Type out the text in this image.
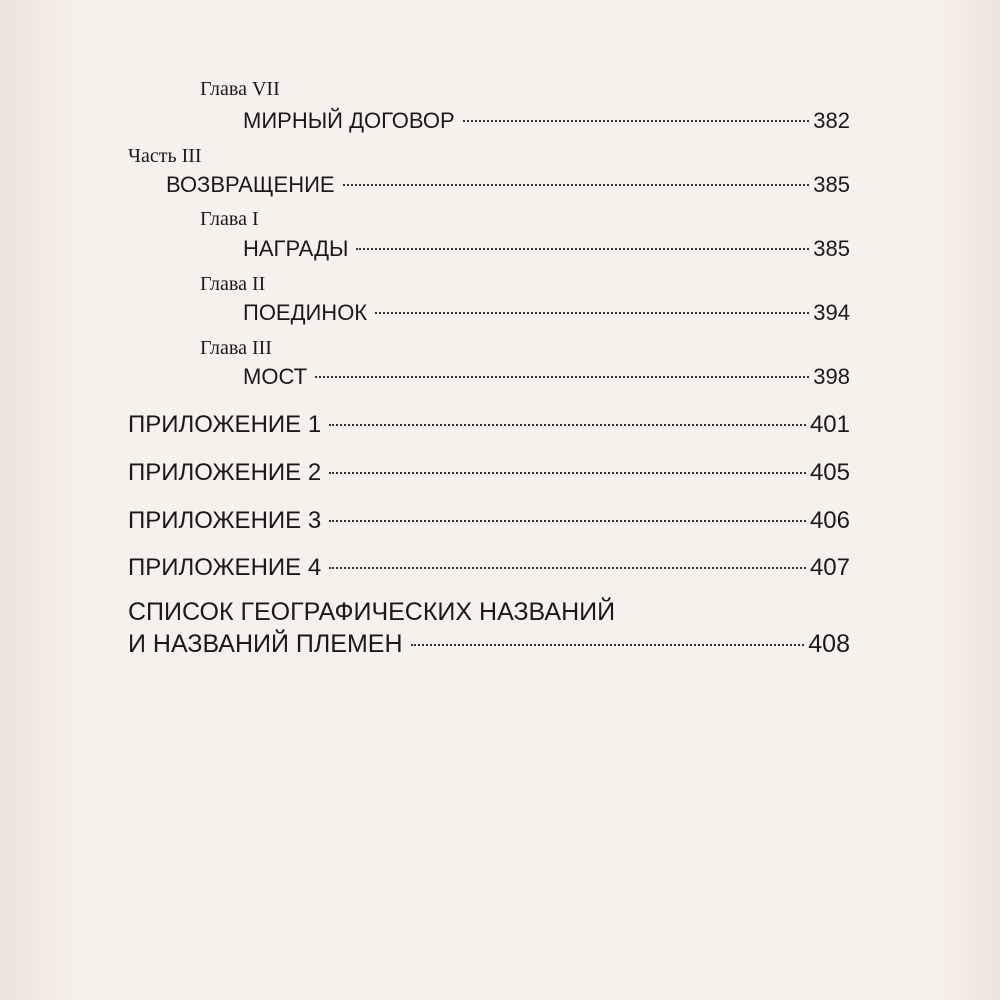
Глава VII
МИРНЫЙ ДОГОВОР	382
Часть III
ВОЗВРАЩЕНИЕ	385
Глава I
НАГРАДЫ	385
Глава II
ПОЕДИНОК	394
Глава III
МОСТ	398
ПРИЛОЖЕНИЕ 1	401
ПРИЛОЖЕНИЕ 2	405
ПРИЛОЖЕНИЕ 3	406
ПРИЛОЖЕНИЕ 4	407
СПИСОК ГЕОГРАФИЧЕСКИХ НАЗВАНИЙ
И НАЗВАНИЙ ПЛЕМЕН	408
